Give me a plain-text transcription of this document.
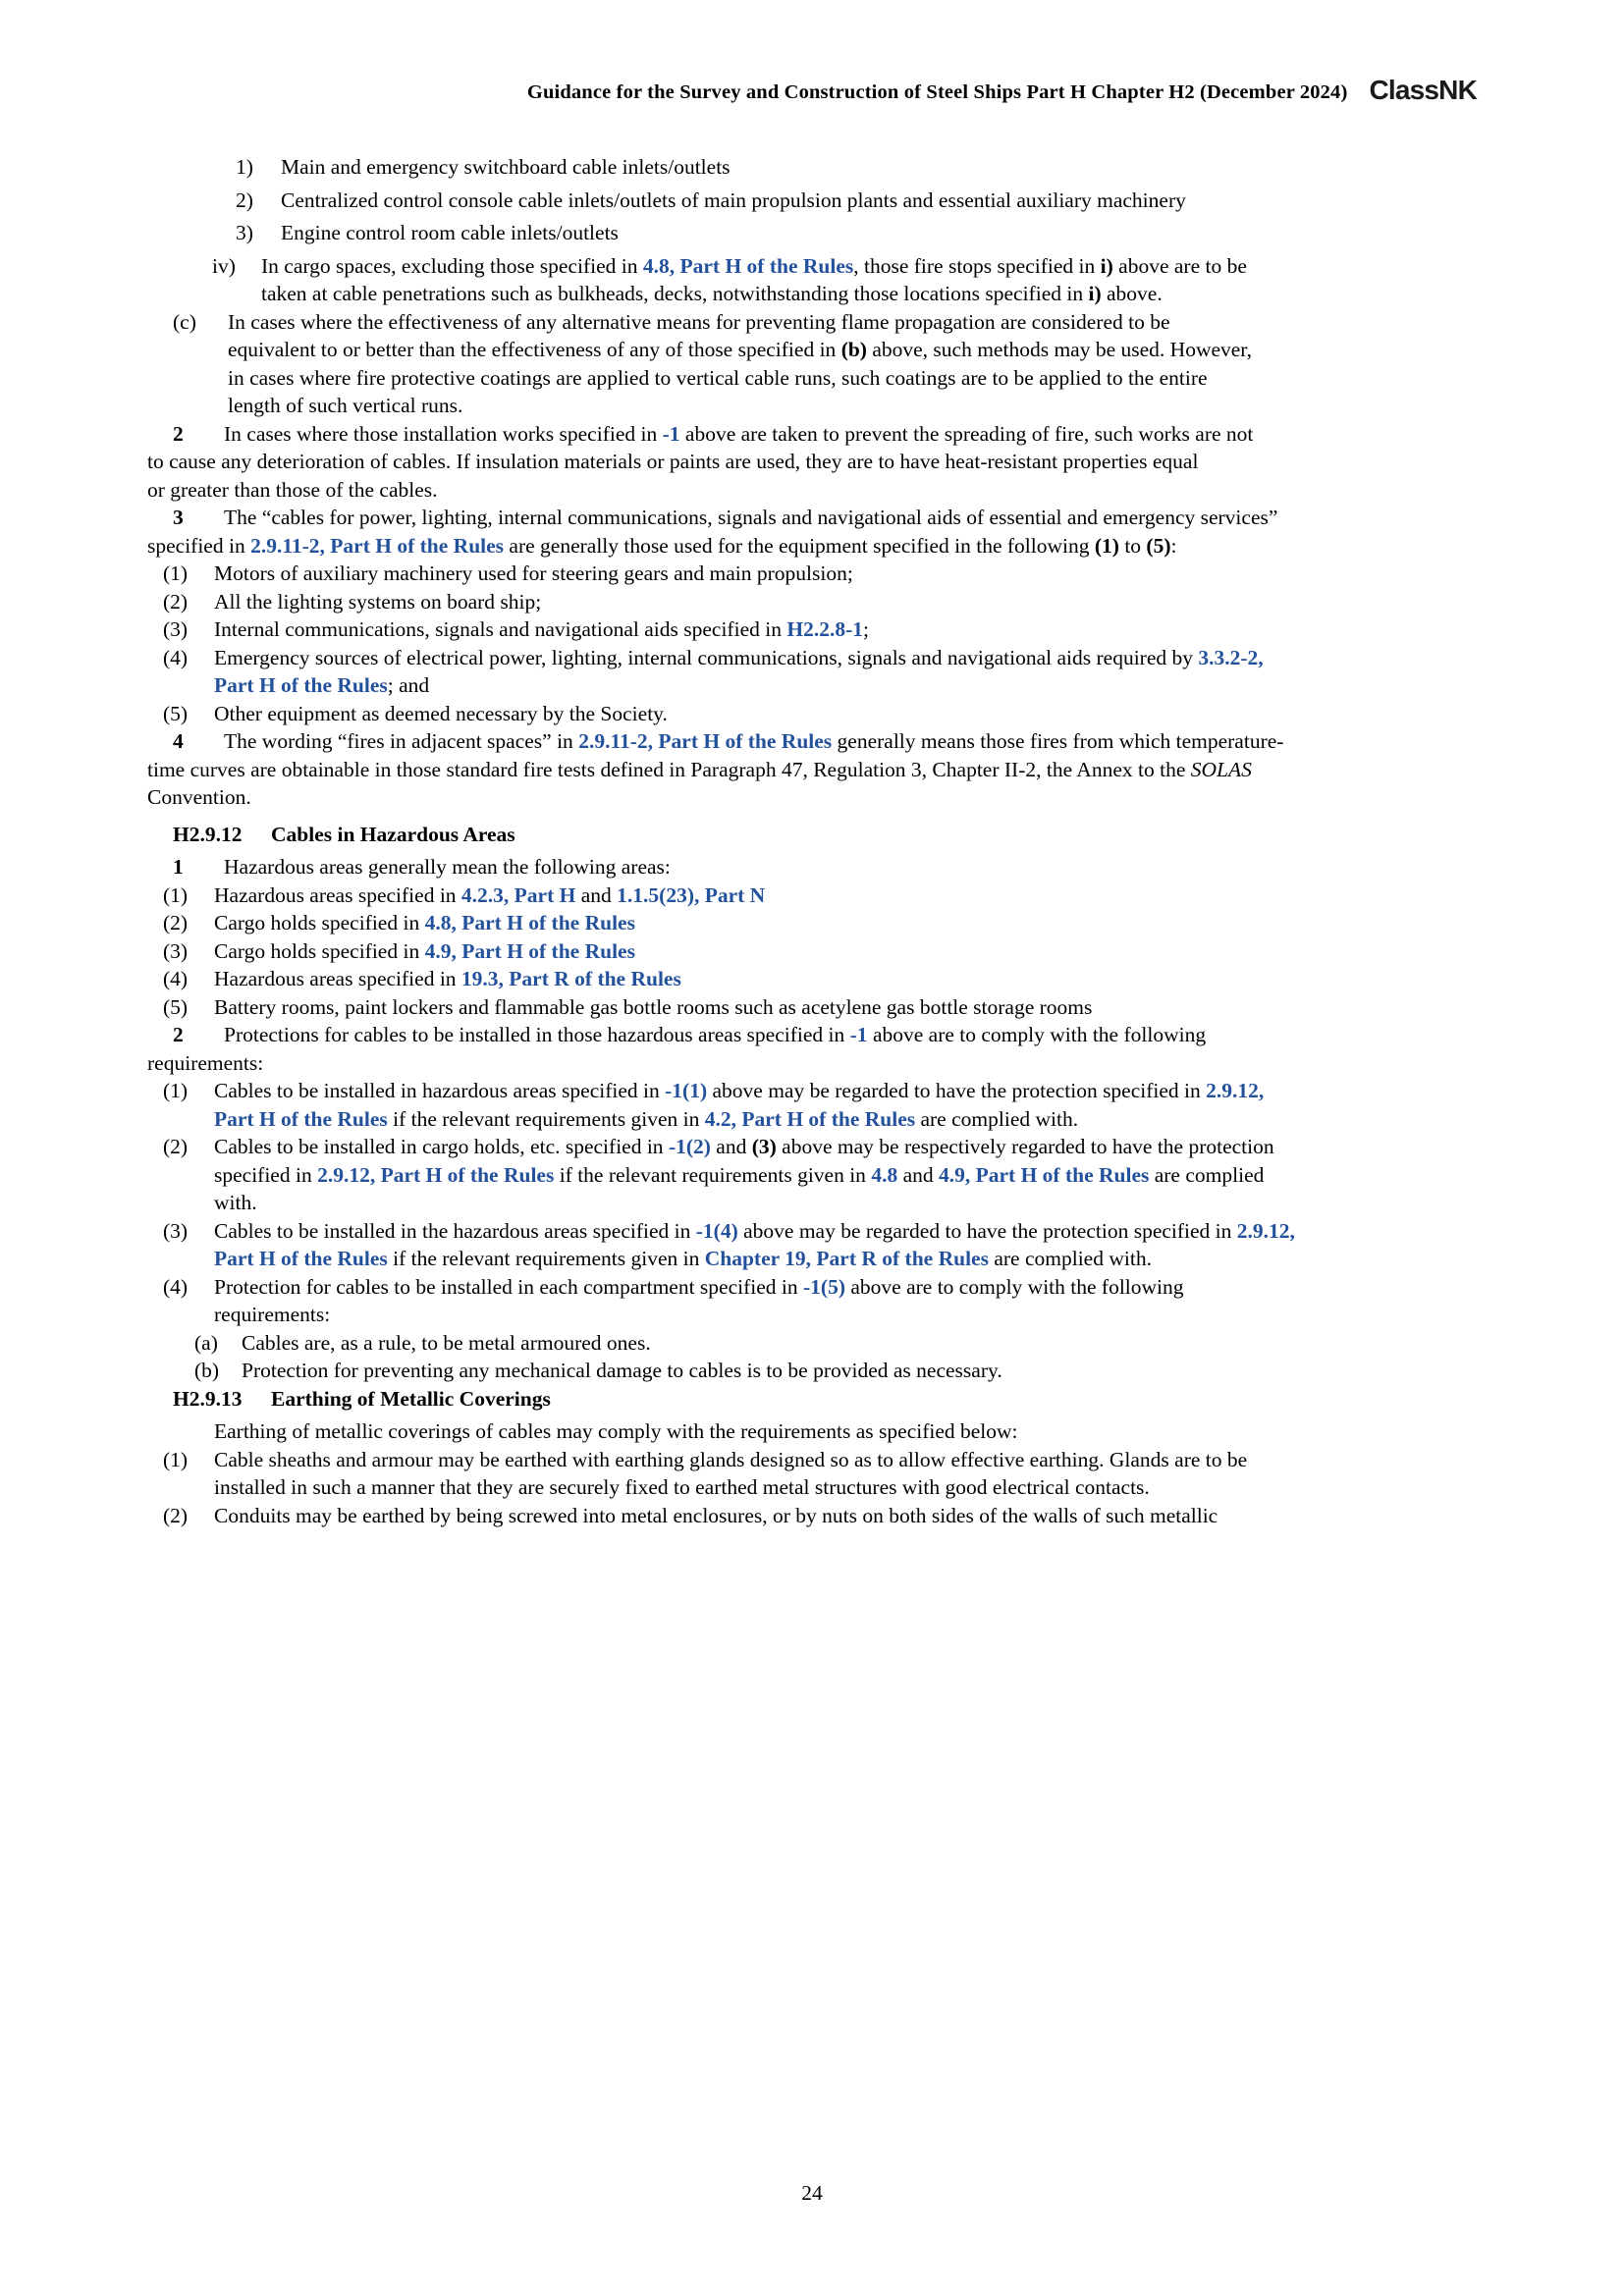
Guidance for the Survey and Construction of Steel Ships Part H Chapter H2 (December 2024) ClassNK
1)	Main and emergency switchboard cable inlets/outlets
2)	Centralized control console cable inlets/outlets of main propulsion plants and essential auxiliary machinery
3)	Engine control room cable inlets/outlets
iv)	In cargo spaces, excluding those specified in 4.8, Part H of the Rules, those fire stops specified in i) above are to be
taken at cable penetrations such as bulkheads, decks, notwithstanding those locations specified in i) above.
(c)	In cases where the effectiveness of any alternative means for preventing flame propagation are considered to be
equivalent to or better than the effectiveness of any of those specified in (b) above, such methods may be used. However,
in cases where fire protective coatings are applied to vertical cable runs, such coatings are to be applied to the entire
length of such vertical runs.
2	In cases where those installation works specified in -1 above are taken to prevent the spreading of fire, such works are not
to cause any deterioration of cables. If insulation materials or paints are used, they are to have heat-resistant properties equal
or greater than those of the cables.
3	The “cables for power, lighting, internal communications, signals and navigational aids of essential and emergency services”
specified in 2.9.11-2, Part H of the Rules are generally those used for the equipment specified in the following (1) to (5):
(1)	Motors of auxiliary machinery used for steering gears and main propulsion;
(2)	All the lighting systems on board ship;
(3)	Internal communications, signals and navigational aids specified in H2.2.8-1;
(4)	Emergency sources of electrical power, lighting, internal communications, signals and navigational aids required by 3.3.2-2,
Part H of the Rules; and
(5)	Other equipment as deemed necessary by the Society.
4	The wording “fires in adjacent spaces” in 2.9.11-2, Part H of the Rules generally means those fires from which temperature-
time curves are obtainable in those standard fire tests defined in Paragraph 47, Regulation 3, Chapter II-2, the Annex to the SOLAS
Convention.
H2.9.12	Cables in Hazardous Areas
1	Hazardous areas generally mean the following areas:
(1)	Hazardous areas specified in 4.2.3, Part H and 1.1.5(23), Part N
(2)	Cargo holds specified in 4.8, Part H of the Rules
(3)	Cargo holds specified in 4.9, Part H of the Rules
(4)	Hazardous areas specified in 19.3, Part R of the Rules
(5)	Battery rooms, paint lockers and flammable gas bottle rooms such as acetylene gas bottle storage rooms
2	Protections for cables to be installed in those hazardous areas specified in -1 above are to comply with the following
requirements:
(1)	Cables to be installed in hazardous areas specified in -1(1) above may be regarded to have the protection specified in 2.9.12,
Part H of the Rules if the relevant requirements given in 4.2, Part H of the Rules are complied with.
(2)	Cables to be installed in cargo holds, etc. specified in -1(2) and (3) above may be respectively regarded to have the protection
specified in 2.9.12, Part H of the Rules if the relevant requirements given in 4.8 and 4.9, Part H of the Rules are complied
with.
(3)	Cables to be installed in the hazardous areas specified in -1(4) above may be regarded to have the protection specified in 2.9.12,
Part H of the Rules if the relevant requirements given in Chapter 19, Part R of the Rules are complied with.
(4)	Protection for cables to be installed in each compartment specified in -1(5) above are to comply with the following
requirements:
(a)	Cables are, as a rule, to be metal armoured ones.
(b)	Protection for preventing any mechanical damage to cables is to be provided as necessary.
H2.9.13	Earthing of Metallic Coverings
Earthing of metallic coverings of cables may comply with the requirements as specified below:
(1)	Cable sheaths and armour may be earthed with earthing glands designed so as to allow effective earthing. Glands are to be
installed in such a manner that they are securely fixed to earthed metal structures with good electrical contacts.
(2)	Conduits may be earthed by being screwed into metal enclosures, or by nuts on both sides of the walls of such metallic
24
